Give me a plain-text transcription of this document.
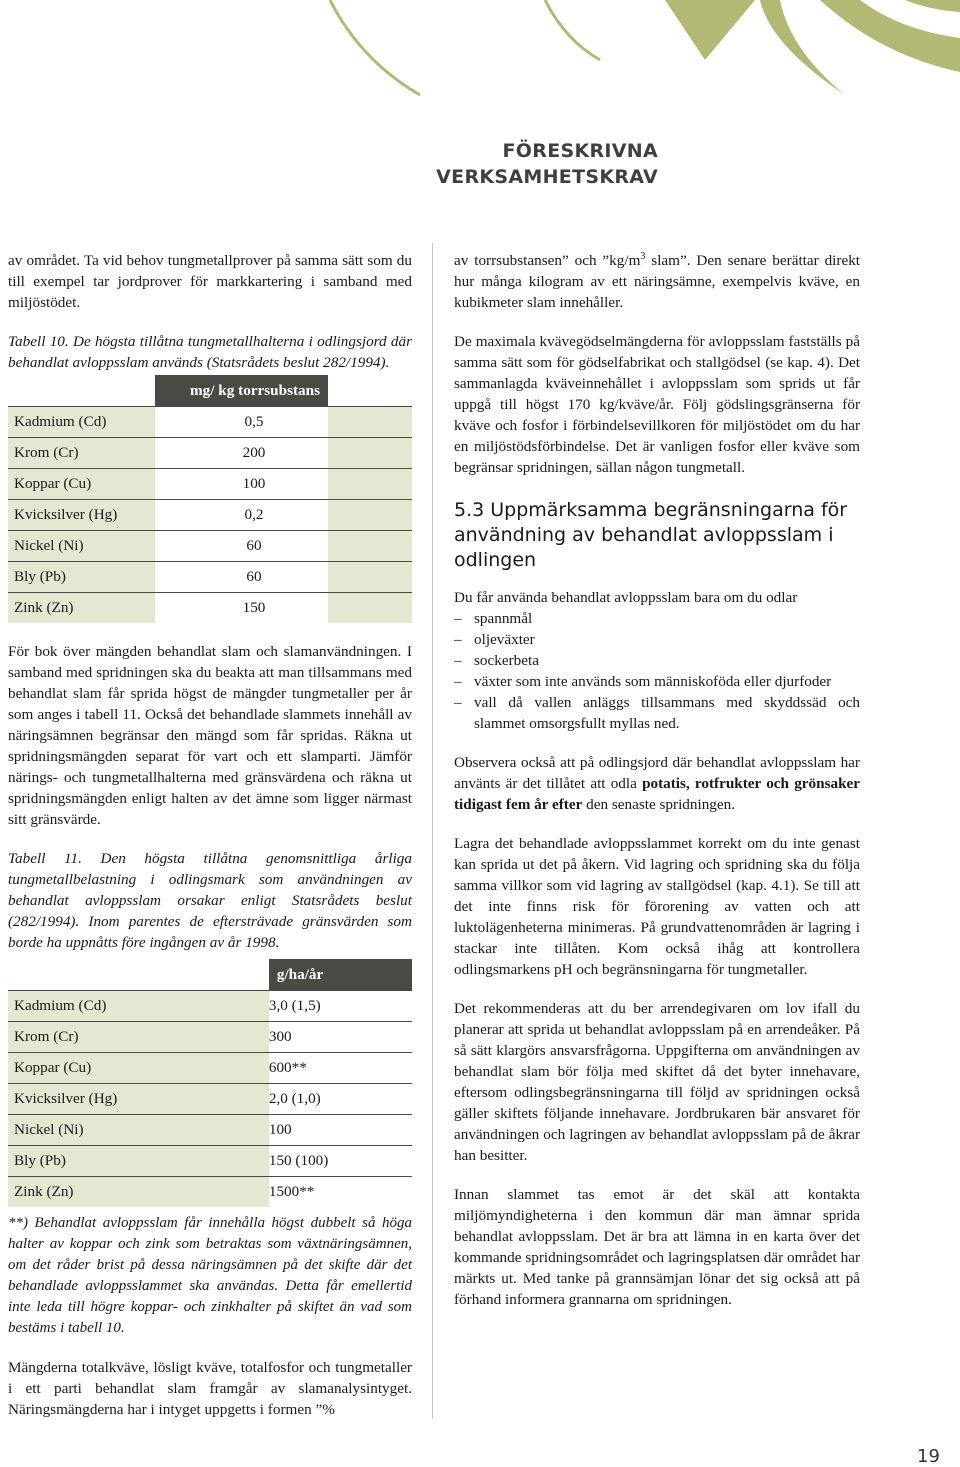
FÖRESKRIVNA
VERKSAMHETSKRAV

av området. Ta vid behov tungmetallprover på samma sätt som du till exempel tar jordprover för markkartering i samband med miljöstödet.

Tabell 10. De högsta tillåtna tungmetallhalterna i odlingsjord där behandlat avloppsslam används (Statsrådets beslut 282/1994).

	mg/ kg torrsubstans	
Kadmium (Cd)	0,5	
Krom (Cr)	200	
Koppar (Cu)	100	
Kvicksilver (Hg)	0,2	
Nickel (Ni)	60	
Bly (Pb)	60	
Zink (Zn)	150	

För bok över mängden behandlat slam och slamanvändningen. I samband med spridningen ska du beakta att man tillsammans med behandlat slam får sprida högst de mängder tungmetaller per år som anges i tabell 11. Också det behandlade slammets innehåll av näringsämnen begränsar den mängd som får spridas. Räkna ut spridningsmängden separat för vart och ett slamparti. Jämför närings- och tungmetallhalterna med gränsvärdena och räkna ut spridningsmängden enligt halten av det ämne som ligger närmast sitt gränsvärde.

Tabell 11. Den högsta tillåtna genomsnittliga årliga tungmetallbelastning i odlingsmark som användningen av behandlat avloppsslam orsakar enligt Statsrådets beslut (282/1994). Inom parentes de eftersträvade gränsvärden som borde ha uppnåtts före ingången av år 1998.

	g/ha/år
Kadmium (Cd)	3,0 (1,5)
Krom (Cr)	300
Koppar (Cu)	600**
Kvicksilver (Hg)	2,0 (1,0)
Nickel (Ni)	100
Bly (Pb)	150 (100)
Zink (Zn)	1500**

**) Behandlat avloppsslam får innehålla högst dubbelt så höga halter av koppar och zink som betraktas som växtnäringsämnen, om det råder brist på dessa näringsämnen på det skifte där det behandlade avloppsslammet ska användas. Detta får emellertid inte leda till högre koppar- och zinkhalter på skiftet än vad som bestäms i tabell 10.

Mängderna totalkväve, lösligt kväve, totalfosfor och tungmetaller i ett parti behandlat slam framgår av slamanalysintyget. Näringsmängderna har i intyget uppgetts i formen ”%

av torrsubstansen” och $”kg/m^3$ slam”. Den senare berättar direkt hur många kilogram av ett näringsämne, exempelvis kväve, en kubikmeter slam innehåller.

De maximala kvävegödselmängderna för avloppsslam fastställs på samma sätt som för gödselfabrikat och stallgödsel (se kap. 4). Det sammanlagda kväveinnehållet i avloppsslam som sprids ut får uppgå till högst 170 kg/kväve/år. Följ gödslingsgränserna för kväve och fosfor i förbindelsevillkoren för miljöstödet om du har en miljöstödsförbindelse. Det är vanligen fosfor eller kväve som begränsar spridningen, sällan någon tungmetall.

5.3 Uppmärksamma begränsningarna för användning av behandlat avloppsslam i odlingen

Du får använda behandlat avloppsslam bara om du odlar

– spannmål
– oljeväxter
– sockerbeta
– växter som inte används som människoföda eller djurfoder
– vall då vallen anläggs tillsammans med skyddssäd och slammet omsorgsfullt myllas ned.

Observera också att på odlingsjord där behandlat avloppsslam har använts är det tillåtet att odla potatis, rotfrukter och grönsaker tidigast fem år efter den senaste spridningen.

Lagra det behandlade avloppsslammet korrekt om du inte genast kan sprida ut det på åkern. Vid lagring och spridning ska du följa samma villkor som vid lagring av stallgödsel (kap. 4.1). Se till att det inte finns risk för förorening av vatten och att luktolägenheterna minimeras. På grundvattenområden är lagring i stackar inte tillåten. Kom också ihåg att kontrollera odlingsmarkens pH och begränsningarna för tungmetaller.

Det rekommenderas att du ber arrendegivaren om lov ifall du planerar att sprida ut behandlat avloppsslam på en arrendeåker. På så sätt klargörs ansvarsfrågorna. Uppgifterna om användningen av behandlat slam bör följa med skiftet då det byter innehavare, eftersom odlingsbegränsningarna till följd av spridningen också gäller skiftets följande innehavare. Jordbrukaren bär ansvaret för användningen och lagringen av behandlat avloppsslam på de åkrar han besitter.

Innan slammet tas emot är det skäl att kontakta miljömyndigheterna i den kommun där man ämnar sprida behandlat avloppsslam. Det är bra att lämna in en karta över det kommande spridningsområdet och lagringsplatsen där området har märkts ut. Med tanke på grannsämjan lönar det sig också att på förhand informera grannarna om spridningen.

19
